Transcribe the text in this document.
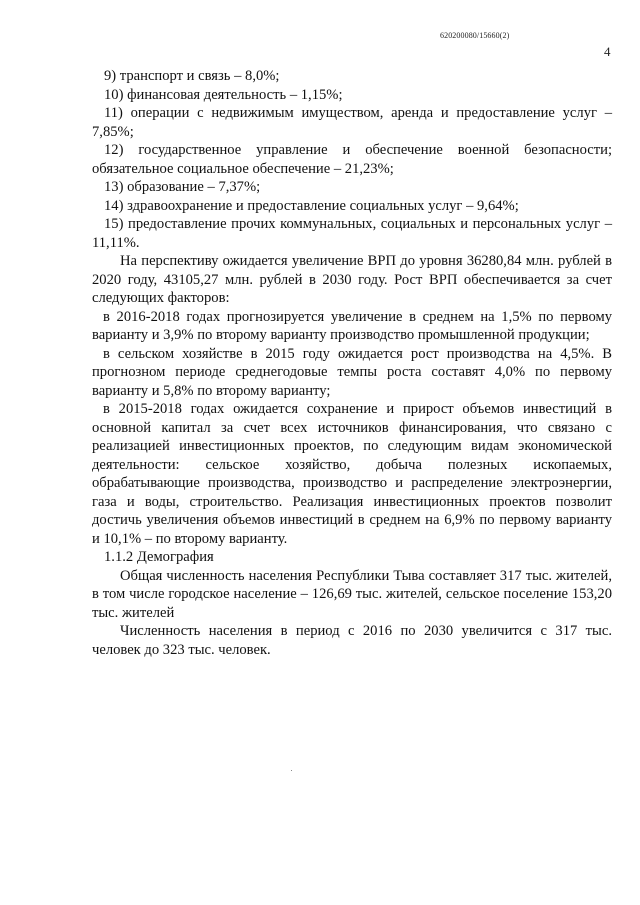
620200080/15660(2)
4

9) транспорт и связь – 8,0%;

10) финансовая деятельность – 1,15%;

11) операции с недвижимым имуществом, аренда и предоставление услуг – 7,85%;

12) государственное управление и обеспечение военной безопасности; обязательное социальное обеспечение – 21,23%;

13) образование – 7,37%;

14) здравоохранение и предоставление социальных услуг – 9,64%;

15) предоставление прочих коммунальных, социальных и персональных услуг – 11,11%.

На перспективу ожидается увеличение ВРП до уровня 36280,84 млн. рублей в 2020 году, 43105,27 млн. рублей в 2030 году. Рост ВРП обеспечивается за счет следующих факторов:

в 2016-2018 годах прогнозируется увеличение в среднем на 1,5% по первому варианту и 3,9% по второму варианту производство промышленной продукции;

в сельском хозяйстве в 2015 году ожидается рост производства на 4,5%. В прогнозном периоде среднегодовые темпы роста составят 4,0% по первому варианту и 5,8% по второму варианту;

в 2015-2018 годах ожидается сохранение и прирост объемов инвестиций в основной капитал за счет всех источников финансирования, что связано с реализацией инвестиционных проектов, по следующим видам экономической деятельности: сельское хозяйство, добыча полезных ископаемых, обрабатывающие производства, производство и распределение электроэнергии, газа и воды, строительство. Реализация инвестиционных проектов позволит достичь увеличения объемов инвестиций в среднем на 6,9% по первому варианту и 10,1% – по второму варианту.

1.1.2 Демография

Общая численность населения Республики Тыва составляет 317 тыс. жителей, в том числе городское население – 126,69 тыс. жителей, сельское поселение 153,20 тыс. жителей

Численность населения в период с 2016 по 2030 увеличится с 317 тыс. человек до 323 тыс. человек.
